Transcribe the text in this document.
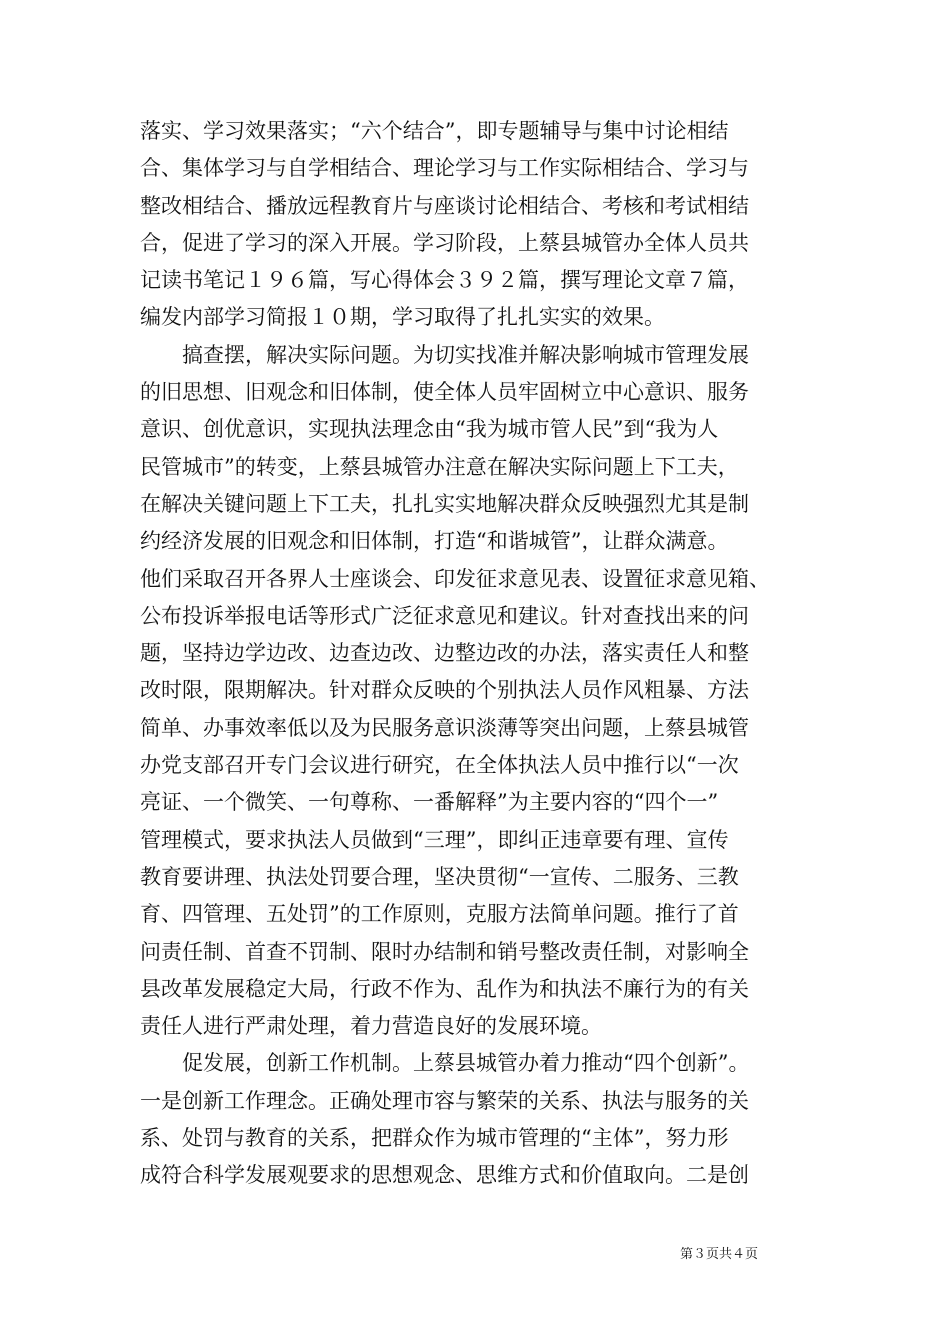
落实、学习效果落实；“六个结合”，即专题辅导与集中讨论相结
合、集体学习与自学相结合、理论学习与工作实际相结合、学习与
整改相结合、播放远程教育片与座谈讨论相结合、考核和考试相结
合，促进了学习的深入开展。学习阶段，上蔡县城管办全体人员共
记读书笔记１９６篇，写心得体会３９２篇，撰写理论文章７篇，
编发内部学习简报１０期，学习取得了扎扎实实的效果。
　　搞查摆，解决实际问题。为切实找准并解决影响城市管理发展
的旧思想、旧观念和旧体制，使全体人员牢固树立中心意识、服务
意识、创优意识，实现执法理念由“我为城市管人民”到“我为人
民管城市”的转变，上蔡县城管办注意在解决实际问题上下工夫，
在解决关键问题上下工夫，扎扎实实地解决群众反映强烈尤其是制
约经济发展的旧观念和旧体制，打造“和谐城管”，让群众满意。
他们采取召开各界人士座谈会、印发征求意见表、设置征求意见箱、
公布投诉举报电话等形式广泛征求意见和建议。针对查找出来的问
题，坚持边学边改、边查边改、边整边改的办法，落实责任人和整
改时限，限期解决。针对群众反映的个别执法人员作风粗暴、方法
简单、办事效率低以及为民服务意识淡薄等突出问题，上蔡县城管
办党支部召开专门会议进行研究，在全体执法人员中推行以“一次
亮证、一个微笑、一句尊称、一番解释”为主要内容的“四个一”
管理模式，要求执法人员做到“三理”，即纠正违章要有理、宣传
教育要讲理、执法处罚要合理，坚决贯彻“一宣传、二服务、三教
育、四管理、五处罚”的工作原则，克服方法简单问题。推行了首
问责任制、首查不罚制、限时办结制和销号整改责任制，对影响全
县改革发展稳定大局，行政不作为、乱作为和执法不廉行为的有关
责任人进行严肃处理，着力营造良好的发展环境。
　　促发展，创新工作机制。上蔡县城管办着力推动“四个创新”。
一是创新工作理念。正确处理市容与繁荣的关系、执法与服务的关
系、处罚与教育的关系，把群众作为城市管理的“主体”，努力形
成符合科学发展观要求的思想观念、思维方式和价值取向。二是创
第３页共４页
